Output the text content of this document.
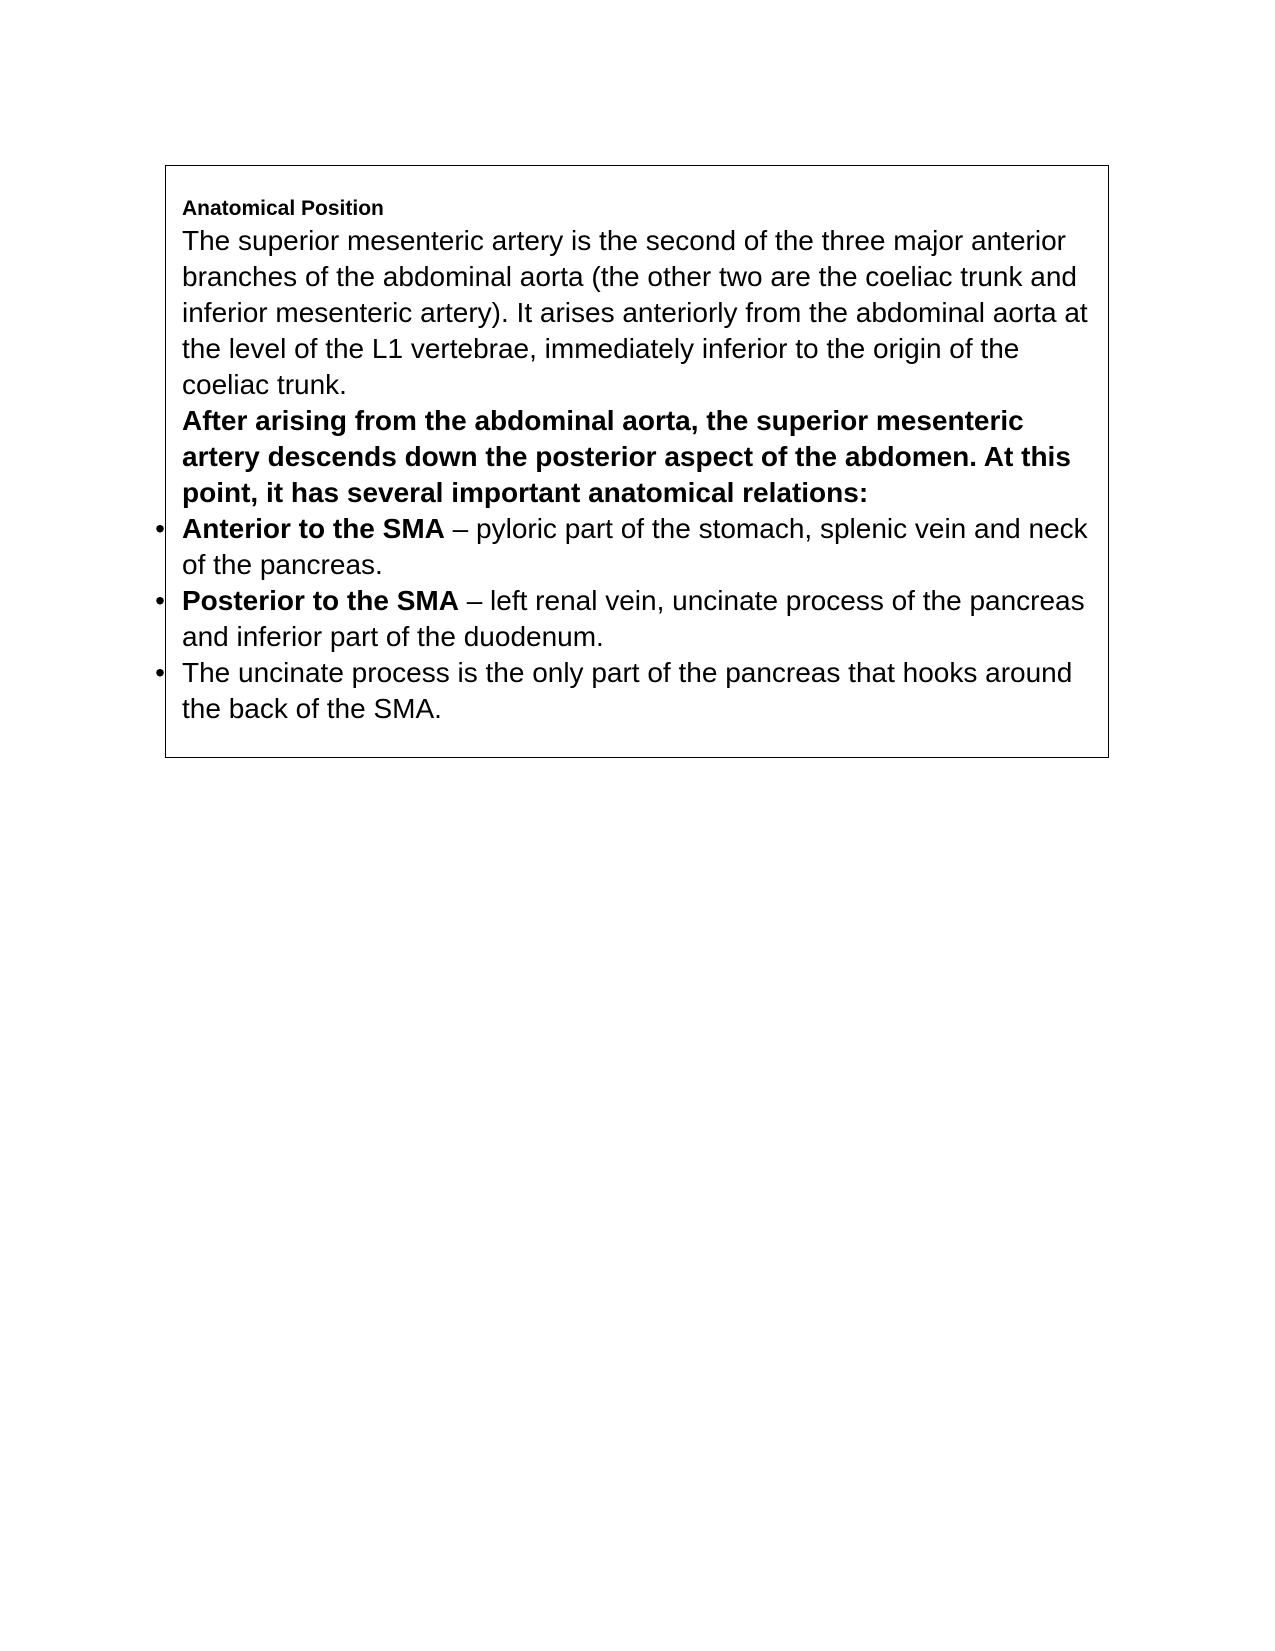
Anatomical Position

The superior mesenteric artery is the second of the three major anterior branches of the abdominal aorta (the other two are the coeliac trunk and inferior mesenteric artery). It arises anteriorly from the abdominal aorta at the level of the L1 vertebrae, immediately inferior to the origin of the coeliac trunk.

After arising from the abdominal aorta, the superior mesenteric artery descends down the posterior aspect of the abdomen. At this point, it has several important anatomical relations:

• Anterior to the SMA – pyloric part of the stomach, splenic vein and neck of the pancreas.
• Posterior to the SMA – left renal vein, uncinate process of the pancreas and inferior part of the duodenum.
• The uncinate process is the only part of the pancreas that hooks around the back of the SMA.
